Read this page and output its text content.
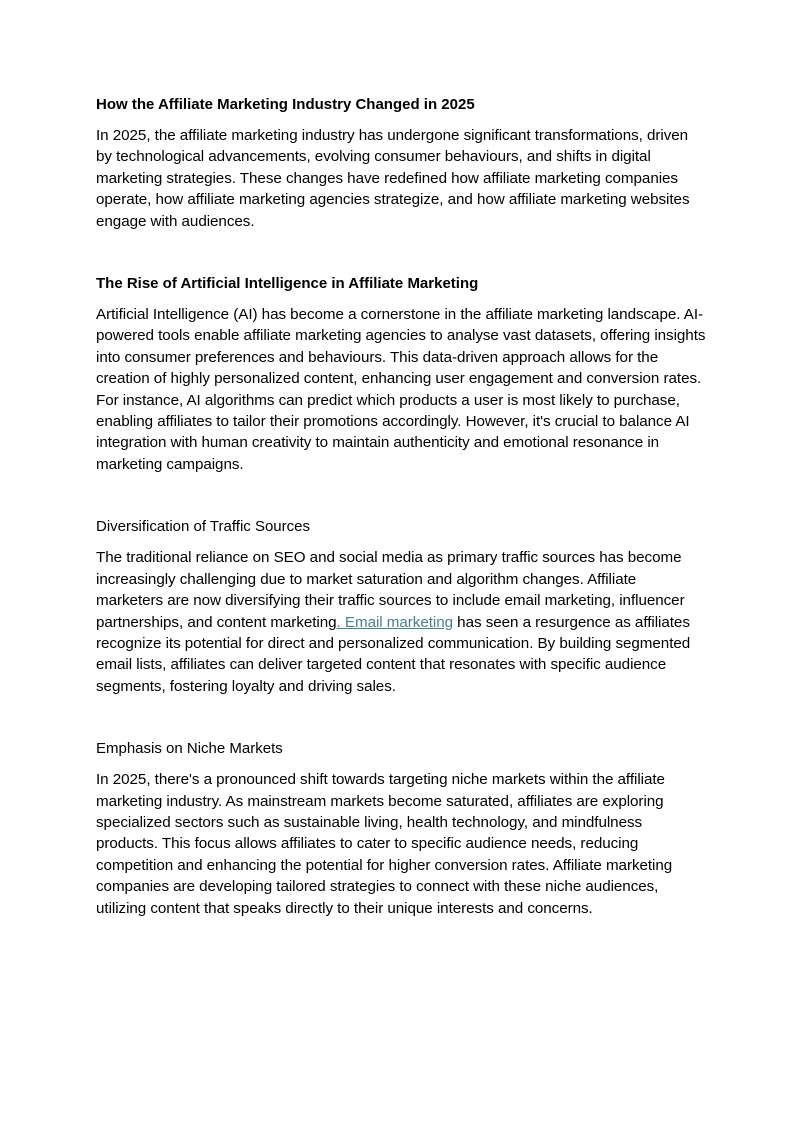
How the Affiliate Marketing Industry Changed in 2025

In 2025, the affiliate marketing industry has undergone significant transformations, driven by technological advancements, evolving consumer behaviours, and shifts in digital marketing strategies. These changes have redefined how affiliate marketing companies operate, how affiliate marketing agencies strategize, and how affiliate marketing websites engage with audiences.

The Rise of Artificial Intelligence in Affiliate Marketing

Artificial Intelligence (AI) has become a cornerstone in the affiliate marketing landscape. AI-powered tools enable affiliate marketing agencies to analyse vast datasets, offering insights into consumer preferences and behaviours. This data-driven approach allows for the creation of highly personalized content, enhancing user engagement and conversion rates. For instance, AI algorithms can predict which products a user is most likely to purchase, enabling affiliates to tailor their promotions accordingly. However, it's crucial to balance AI integration with human creativity to maintain authenticity and emotional resonance in marketing campaigns.

Diversification of Traffic Sources

The traditional reliance on SEO and social media as primary traffic sources has become increasingly challenging due to market saturation and algorithm changes. Affiliate marketers are now diversifying their traffic sources to include email marketing, influencer partnerships, and content marketing. Email marketing has seen a resurgence as affiliates recognize its potential for direct and personalized communication. By building segmented email lists, affiliates can deliver targeted content that resonates with specific audience segments, fostering loyalty and driving sales.

Emphasis on Niche Markets

In 2025, there's a pronounced shift towards targeting niche markets within the affiliate marketing industry. As mainstream markets become saturated, affiliates are exploring specialized sectors such as sustainable living, health technology, and mindfulness products. This focus allows affiliates to cater to specific audience needs, reducing competition and enhancing the potential for higher conversion rates. Affiliate marketing companies are developing tailored strategies to connect with these niche audiences, utilizing content that speaks directly to their unique interests and concerns.
